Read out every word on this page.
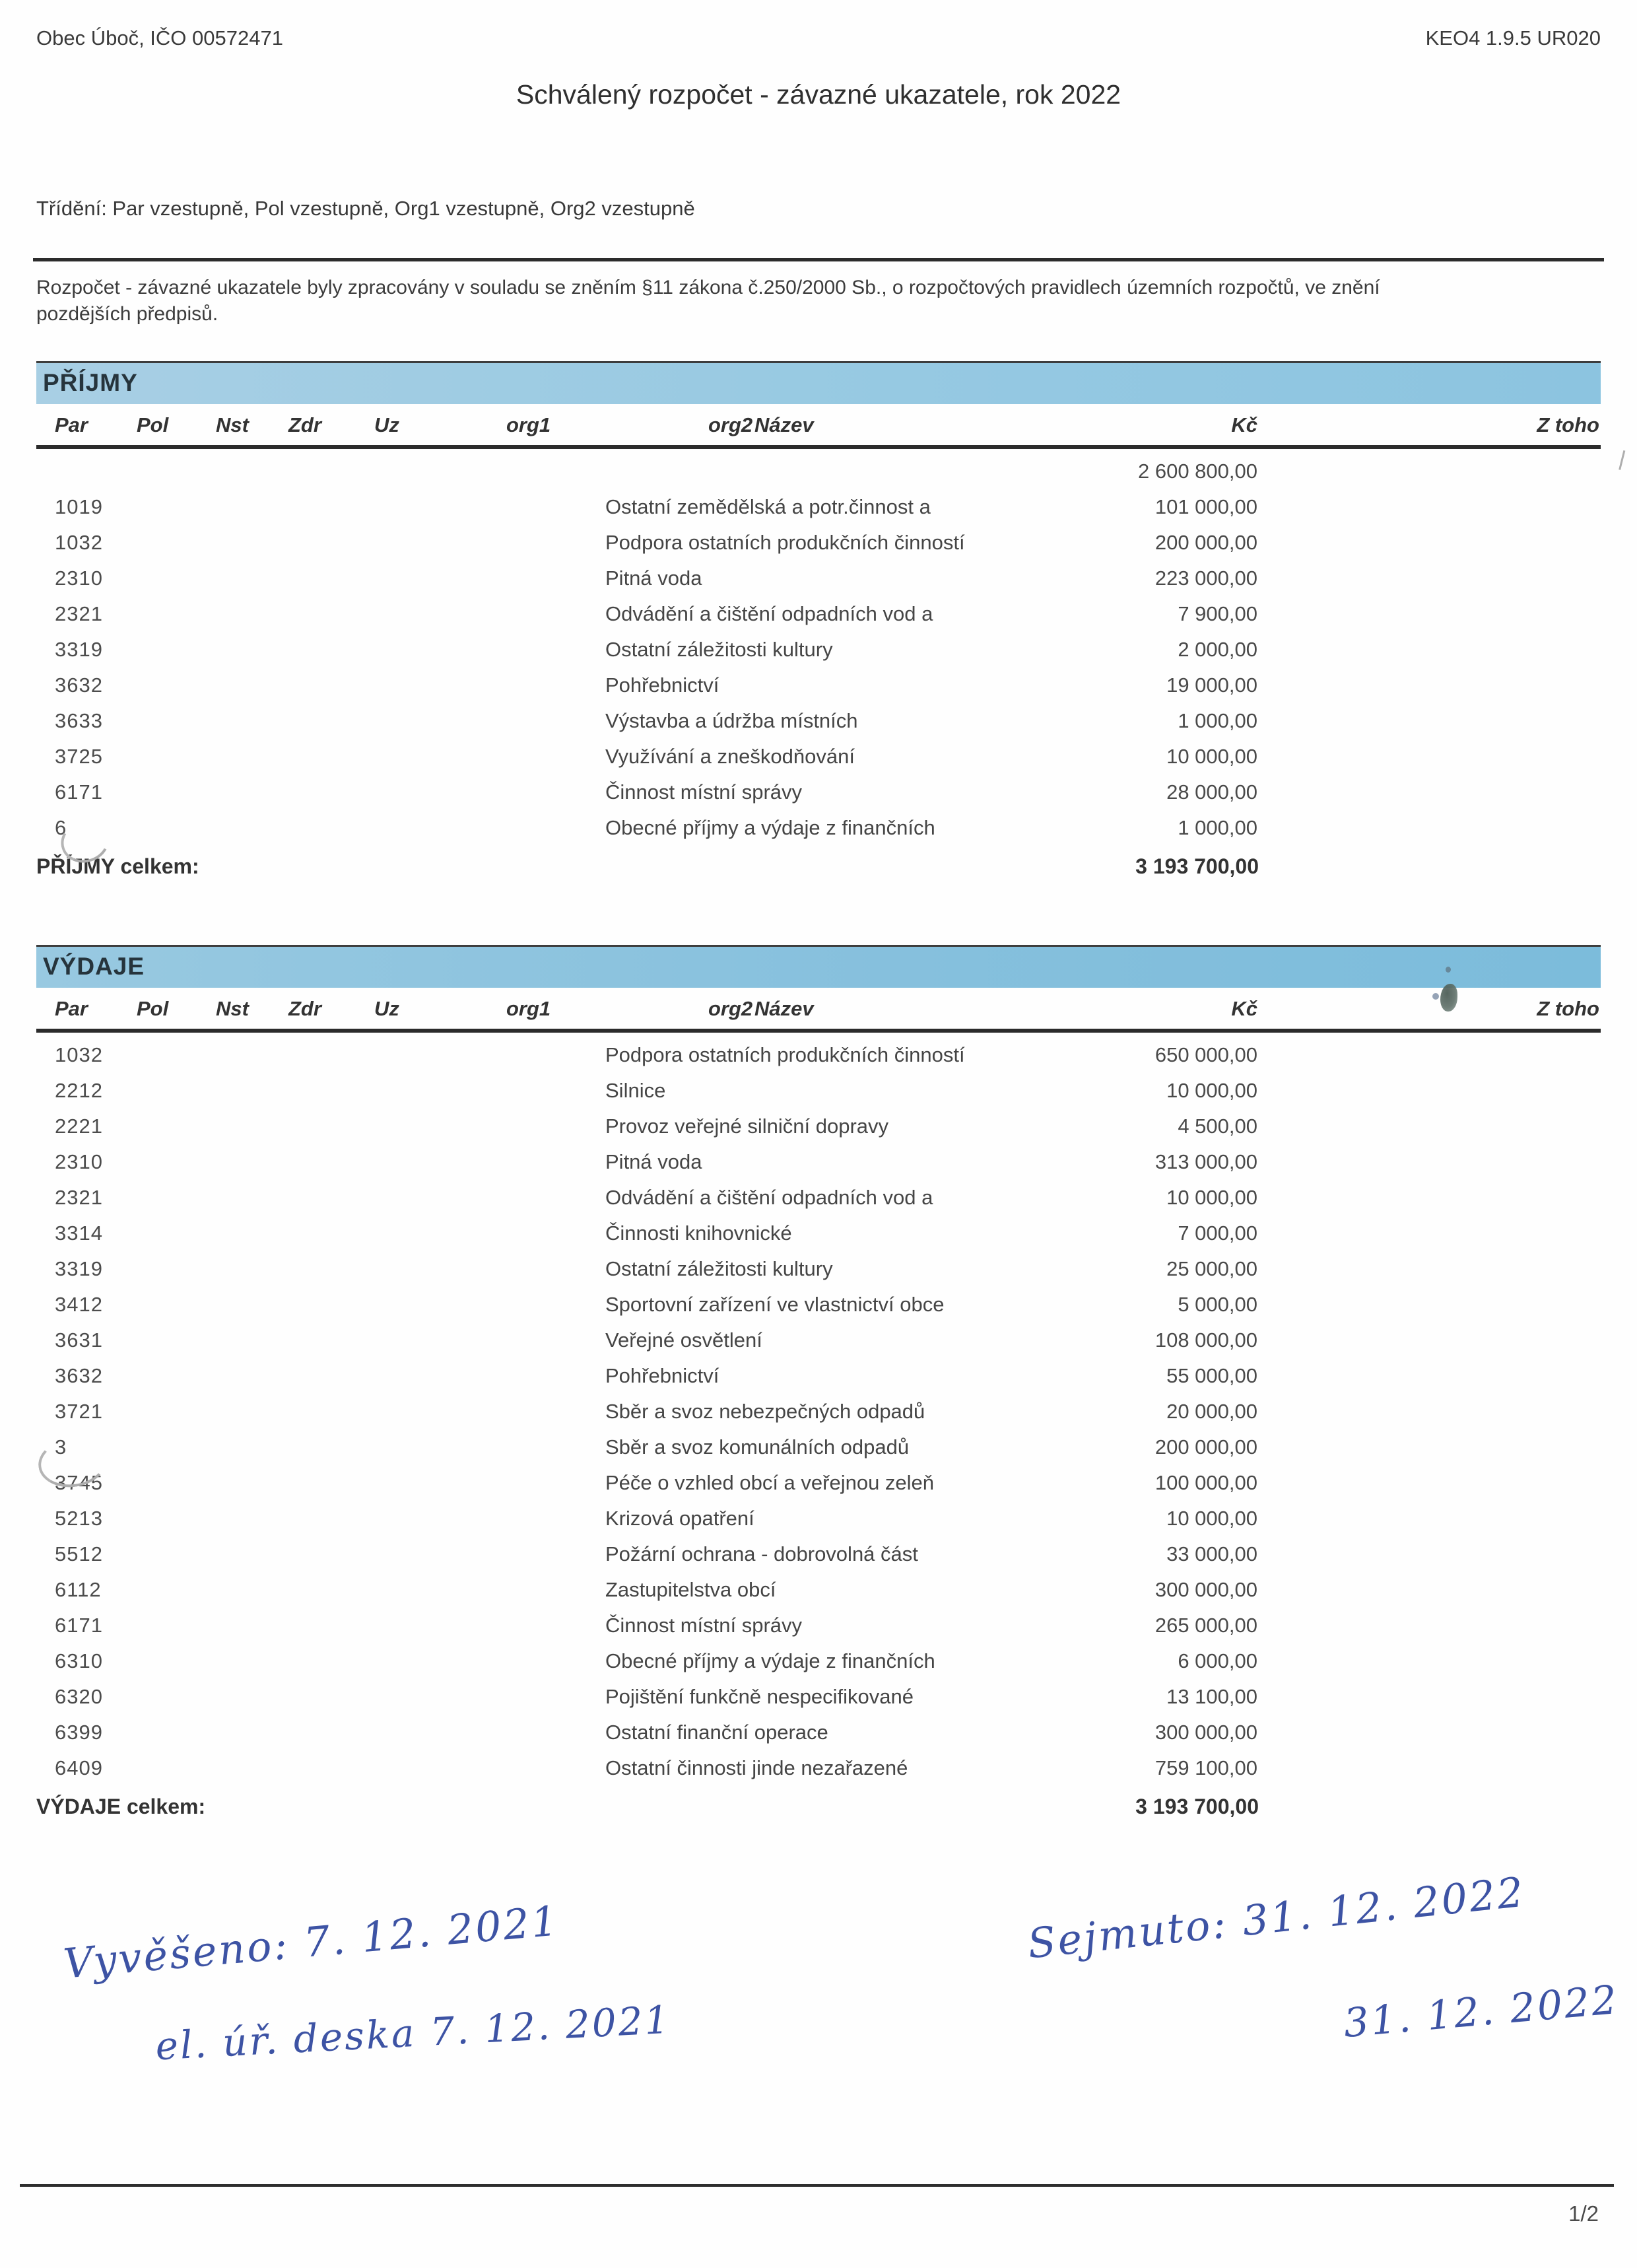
Obec Úboč, IČO 00572471	KEO4 1.9.5 UR020
Schválený rozpočet - závazné ukazatele, rok 2022
Třídění: Par vzestupně, Pol vzestupně, Org1 vzestupně, Org2 vzestupně
Rozpočet - závazné ukazatele byly zpracovány v souladu se zněním §11 zákona č.250/2000 Sb., o rozpočtových pravidlech územních rozpočtů, ve znění
pozdějších předpisů.
PŘÍJMY
Par Pol Nst Zdr	Uz	org1	org2 Název	Kč	Z toho
2 600 800,00
1019	Ostatní zemědělská a potr.činnost a	101 000,00
1032	Podpora ostatních produkčních činností	200 000,00
2310	Pitná voda	223 000,00
2321	Odvádění a čištění odpadních vod a	7 900,00
3319	Ostatní záležitosti kultury	2 000,00
3632	Pohřebnictví	19 000,00
3633	Výstavba a údržba místních	1 000,00
3725	Využívání a zneškodňování	10 000,00
6171	Činnost místní správy	28 000,00
6	Obecné příjmy a výdaje z finančních	1 000,00
PŘÍJMY celkem:	3 193 700,00
VÝDAJE
Par Pol Nst Zdr	Uz	org1	org2 Název	Kč	Z toho
1032	Podpora ostatních produkčních činností	650 000,00
2212	Silnice	10 000,00
2221	Provoz veřejné silniční dopravy	4 500,00
2310	Pitná voda	313 000,00
2321	Odvádění a čištění odpadních vod a	10 000,00
3314	Činnosti knihovnické	7 000,00
3319	Ostatní záležitosti kultury	25 000,00
3412	Sportovní zařízení ve vlastnictví obce	5 000,00
3631	Veřejné osvětlení	108 000,00
3632	Pohřebnictví	55 000,00
3721	Sběr a svoz nebezpečných odpadů	20 000,00
3	Sběr a svoz komunálních odpadů	200 000,00
3745	Péče o vzhled obcí a veřejnou zeleň	100 000,00
5213	Krizová opatření	10 000,00
5512	Požární ochrana - dobrovolná část	33 000,00
6112	Zastupitelstva obcí	300 000,00
6171	Činnost místní správy	265 000,00
6310	Obecné příjmy a výdaje z finančních	6 000,00
6320	Pojištění funkčně nespecifikované	13 100,00
6399	Ostatní finanční operace	300 000,00
6409	Ostatní činnosti jinde nezařazené	759 100,00
VÝDAJE celkem:	3 193 700,00
Vyvěšeno: 7. 12. 2021
el. úř. deska 7. 12. 2021
Sejmuto: 31. 12. 2022
31. 12. 2022
1/2
